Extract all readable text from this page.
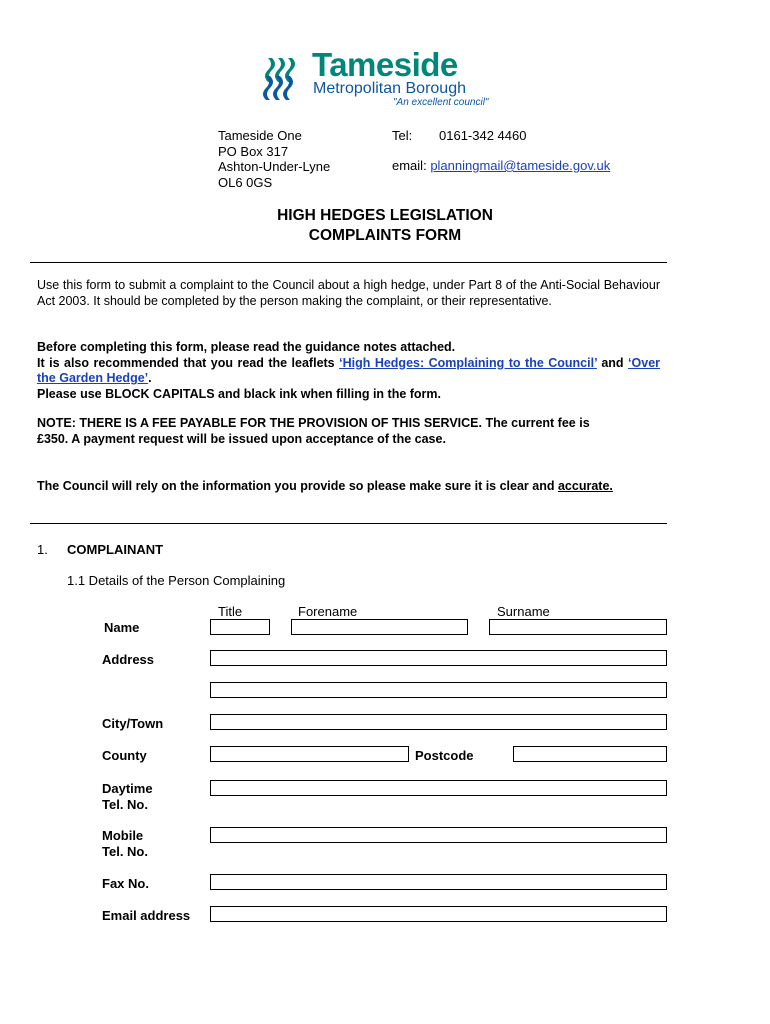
Tameside
Metropolitan Borough
"An excellent council"
Tameside One
PO Box 317
Ashton-Under-Lyne
OL6 0GS
Tel: 0161-342 4460
email: planningmail@tameside.gov.uk
HIGH HEDGES LEGISLATION
COMPLAINTS FORM
Use this form to submit a complaint to the Council about a high hedge, under Part 8 of the Anti-Social Behaviour Act 2003. It should be completed by the person making the complaint, or their representative.
Before completing this form, please read the guidance notes attached.
It is also recommended that you read the leaflets ‘High Hedges: Complaining to the Council’ and ‘Over the Garden Hedge’.
Please use BLOCK CAPITALS and black ink when filling in the form.
NOTE: THERE IS A FEE PAYABLE FOR THE PROVISION OF THIS SERVICE. The current fee is £350. A payment request will be issued upon acceptance of the case.
The Council will rely on the information you provide so please make sure it is clear and accurate.
1. COMPLAINANT
1.1 Details of the Person Complaining
Title	Forename	Surname
Name
Address
City/Town
County	Postcode
Daytime
Tel. No.
Mobile
Tel. No.
Fax No.
Email address
